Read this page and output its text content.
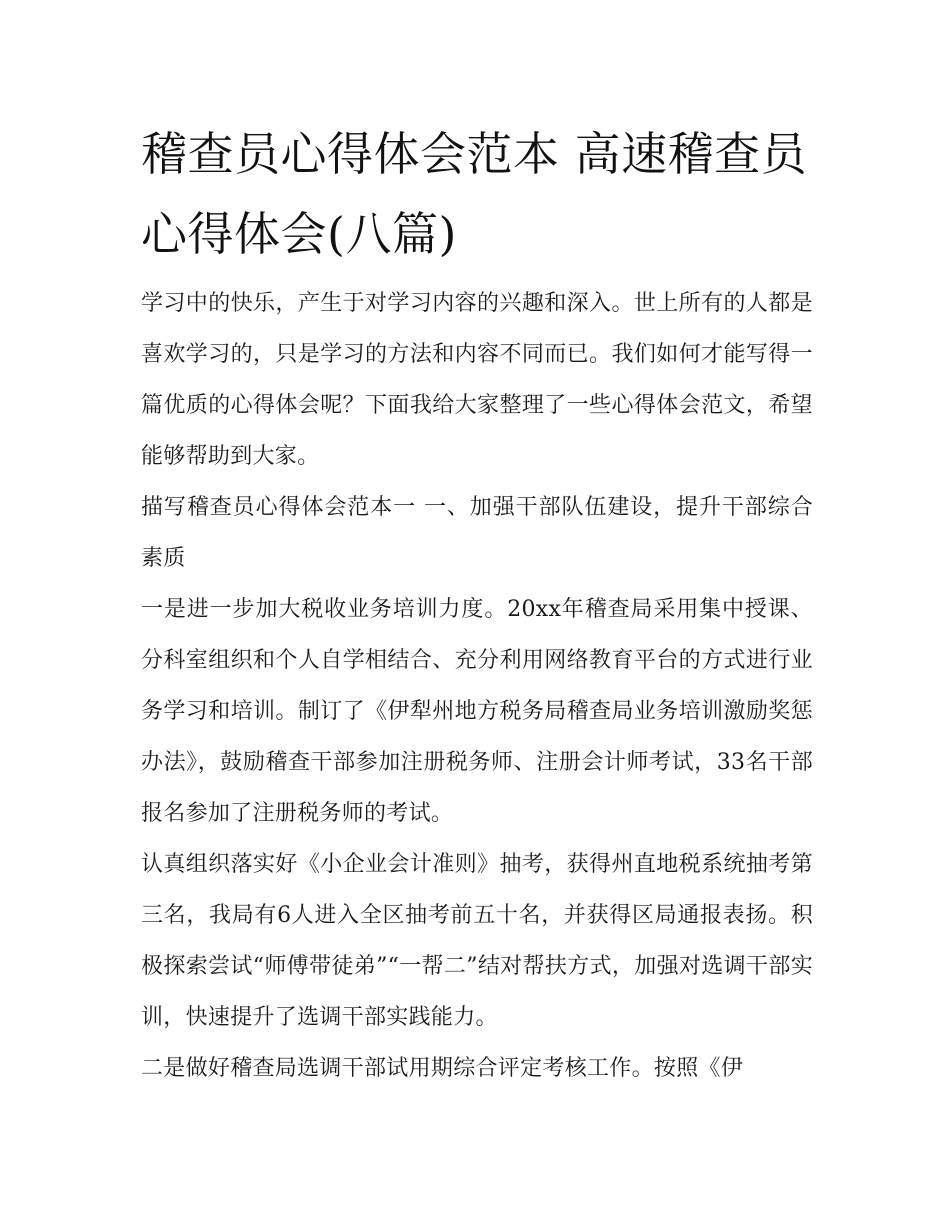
稽查员心得体会范本 高速稽查员心得体会(八篇)

学习中的快乐，产生于对学习内容的兴趣和深入。世上所有的人都是喜欢学习的，只是学习的方法和内容不同而已。我们如何才能写得一篇优质的心得体会呢？下面我给大家整理了一些心得体会范文，希望能够帮助到大家。

描写稽查员心得体会范本一 一、加强干部队伍建设，提升干部综合素质

一是进一步加大税收业务培训力度。20xx年稽查局采用集中授课、分科室组织和个人自学相结合、充分利用网络教育平台的方式进行业务学习和培训。制订了《伊犁州地方税务局稽查局业务培训激励奖惩办法》，鼓励稽查干部参加注册税务师、注册会计师考试，33名干部报名参加了注册税务师的考试。

认真组织落实好《小企业会计准则》抽考，获得州直地税系统抽考第三名，我局有6人进入全区抽考前五十名，并获得区局通报表扬。积极探索尝试“师傅带徒弟”“一帮二”结对帮扶方式，加强对选调干部实训，快速提升了选调干部实践能力。

二是做好稽查局选调干部试用期综合评定考核工作。按照《伊
